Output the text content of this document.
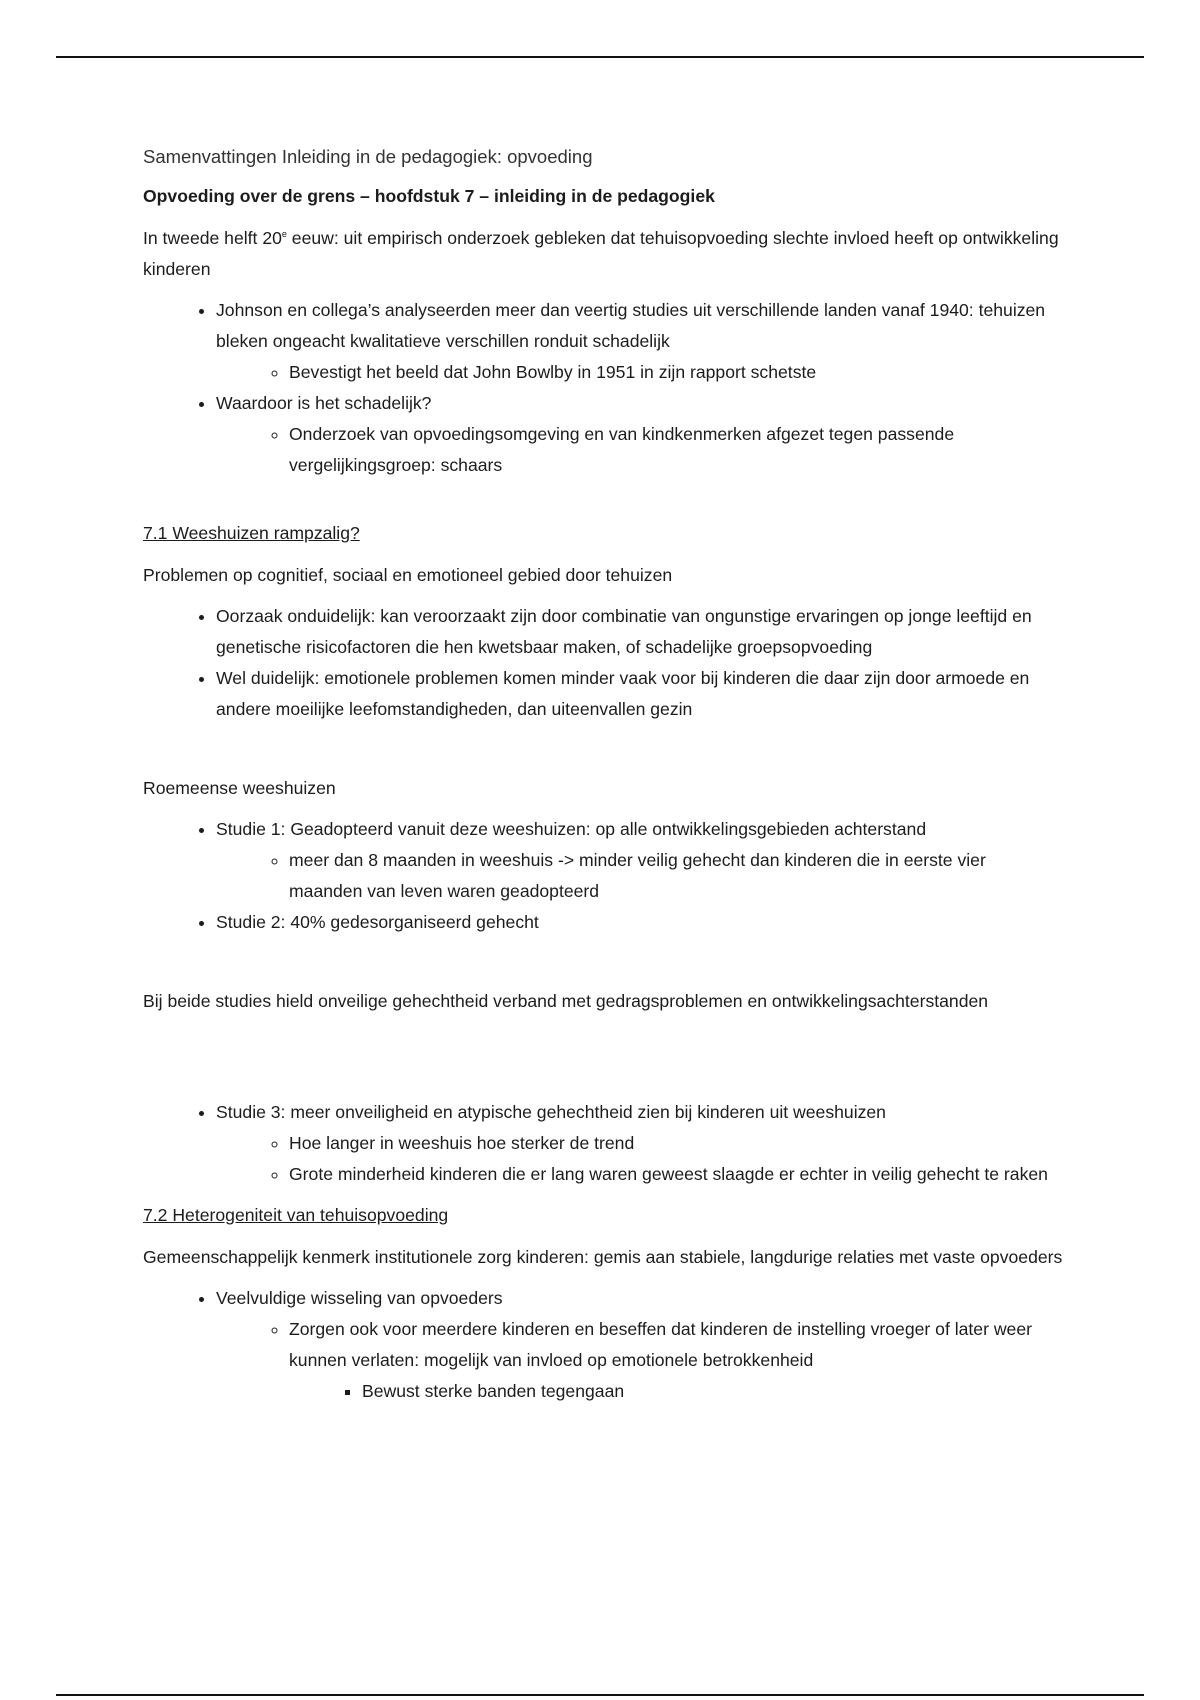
Samenvattingen Inleiding in de pedagogiek: opvoeding

Opvoeding over de grens – hoofdstuk 7 – inleiding in de pedagogiek

In tweede helft 20e eeuw: uit empirisch onderzoek gebleken dat tehuisopvoeding slechte invloed heeft op ontwikkeling kinderen

• Johnson en collega’s analyseerden meer dan veertig studies uit verschillende landen vanaf 1940: tehuizen bleken ongeacht kwalitatieve verschillen ronduit schadelijk
◦ Bevestigt het beeld dat John Bowlby in 1951 in zijn rapport schetste
• Waardoor is het schadelijk?
◦ Onderzoek van opvoedingsomgeving en van kindkenmerken afgezet tegen passende vergelijkingsgroep: schaars

7.1 Weeshuizen rampzalig?

Problemen op cognitief, sociaal en emotioneel gebied door tehuizen

• Oorzaak onduidelijk: kan veroorzaakt zijn door combinatie van ongunstige ervaringen op jonge leeftijd en genetische risicofactoren die hen kwetsbaar maken, of schadelijke groepsopvoeding
• Wel duidelijk: emotionele problemen komen minder vaak voor bij kinderen die daar zijn door armoede en andere moeilijke leefomstandigheden, dan uiteenvallen gezin

Roemeense weeshuizen

• Studie 1: Geadopteerd vanuit deze weeshuizen: op alle ontwikkelingsgebieden achterstand
◦ meer dan 8 maanden in weeshuis -> minder veilig gehecht dan kinderen die in eerste vier maanden van leven waren geadopteerd
• Studie 2: 40% gedesorganiseerd gehecht

Bij beide studies hield onveilige gehechtheid verband met gedragsproblemen en ontwikkelingsachterstanden

• Studie 3: meer onveiligheid en atypische gehechtheid zien bij kinderen uit weeshuizen
◦ Hoe langer in weeshuis hoe sterker de trend
◦ Grote minderheid kinderen die er lang waren geweest slaagde er echter in veilig gehecht te raken

7.2 Heterogeniteit van tehuisopvoeding

Gemeenschappelijk kenmerk institutionele zorg kinderen: gemis aan stabiele, langdurige relaties met vaste opvoeders

• Veelvuldige wisseling van opvoeders
◦ Zorgen ook voor meerdere kinderen en beseffen dat kinderen de instelling vroeger of later weer kunnen verlaten: mogelijk van invloed op emotionele betrokkenheid
▪ Bewust sterke banden tegengaan
